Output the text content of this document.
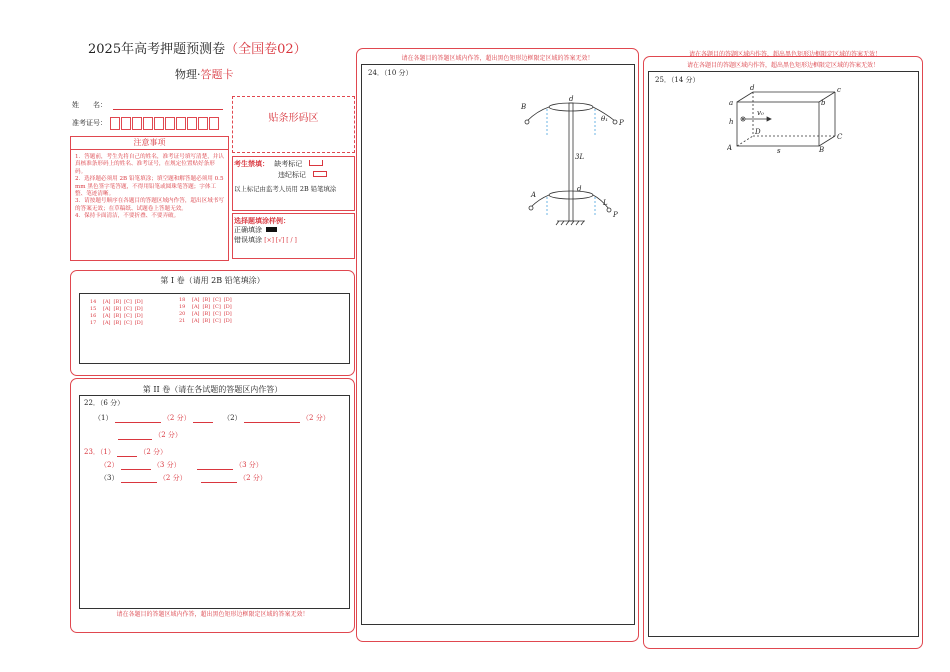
2025年高考押题预测卷（全国卷02）
物理·答题卡
姓　　名：
准考证号：	贴条形码区
注意事项
1．答题前，考生先将自己的姓名，准考证号填写清楚，并认真核准条形码上的姓名、准考证号，在规定位置贴好条形码。
2．选择题必须用 2B 铅笔填涂；填空题和解答题必须用 0.5 mm 黑色签字笔答题，不得用铅笔或圆珠笔答题；字体工整、笔迹清晰。
3．请按题号顺序在各题目的答题区域内作答，超出区域书写的答案无效；在草稿纸、试题卷上答题无效。
4．保持卡面清洁，不要折叠、不要弄破。
考生禁填： 缺考标记
违纪标记
以上标记由监考人员用 2B 铅笔填涂
选择题填涂样例：
正确填涂
错误填涂 [×] [√] [ / ]
第 I 卷（请用 2B 铅笔填涂）
14	[A] [B] [C] [D]
15	[A] [B] [C] [D]
16	[A] [B] [C] [D]
17	[A] [B] [C] [D]
18	[A] [B] [C] [D]
19	[A] [B] [C] [D]
20	[A] [B] [C] [D]
21	[A] [B] [C] [D]
第 II 卷（请在各试题的答题区内作答）
22．（6 分）
（1）	（2 分）	（2）	（2 分）
（2 分）
23．（1）	（2 分）
（2）	（3 分）	（3 分）
（3）	（2 分）	（2 分）
请在各题目的答题区域内作答，超出黑色矩形边框限定区域的答案无效！
请在各题目的答题区域内作答，超出黑色矩形边框限定区域的答案无效！
24．（10 分）
B
P
θ₁
3L
A
d
d
L
P
请在各题目的答题区域内作答，超出黑色矩形边框限定区域的答案无效！
请在各题目的答题区域内作答，超出黑色矩形边框限定区域的答案无效！
25．（14 分）
a	b
c
d
h
v₀
D
A	B
C
s
